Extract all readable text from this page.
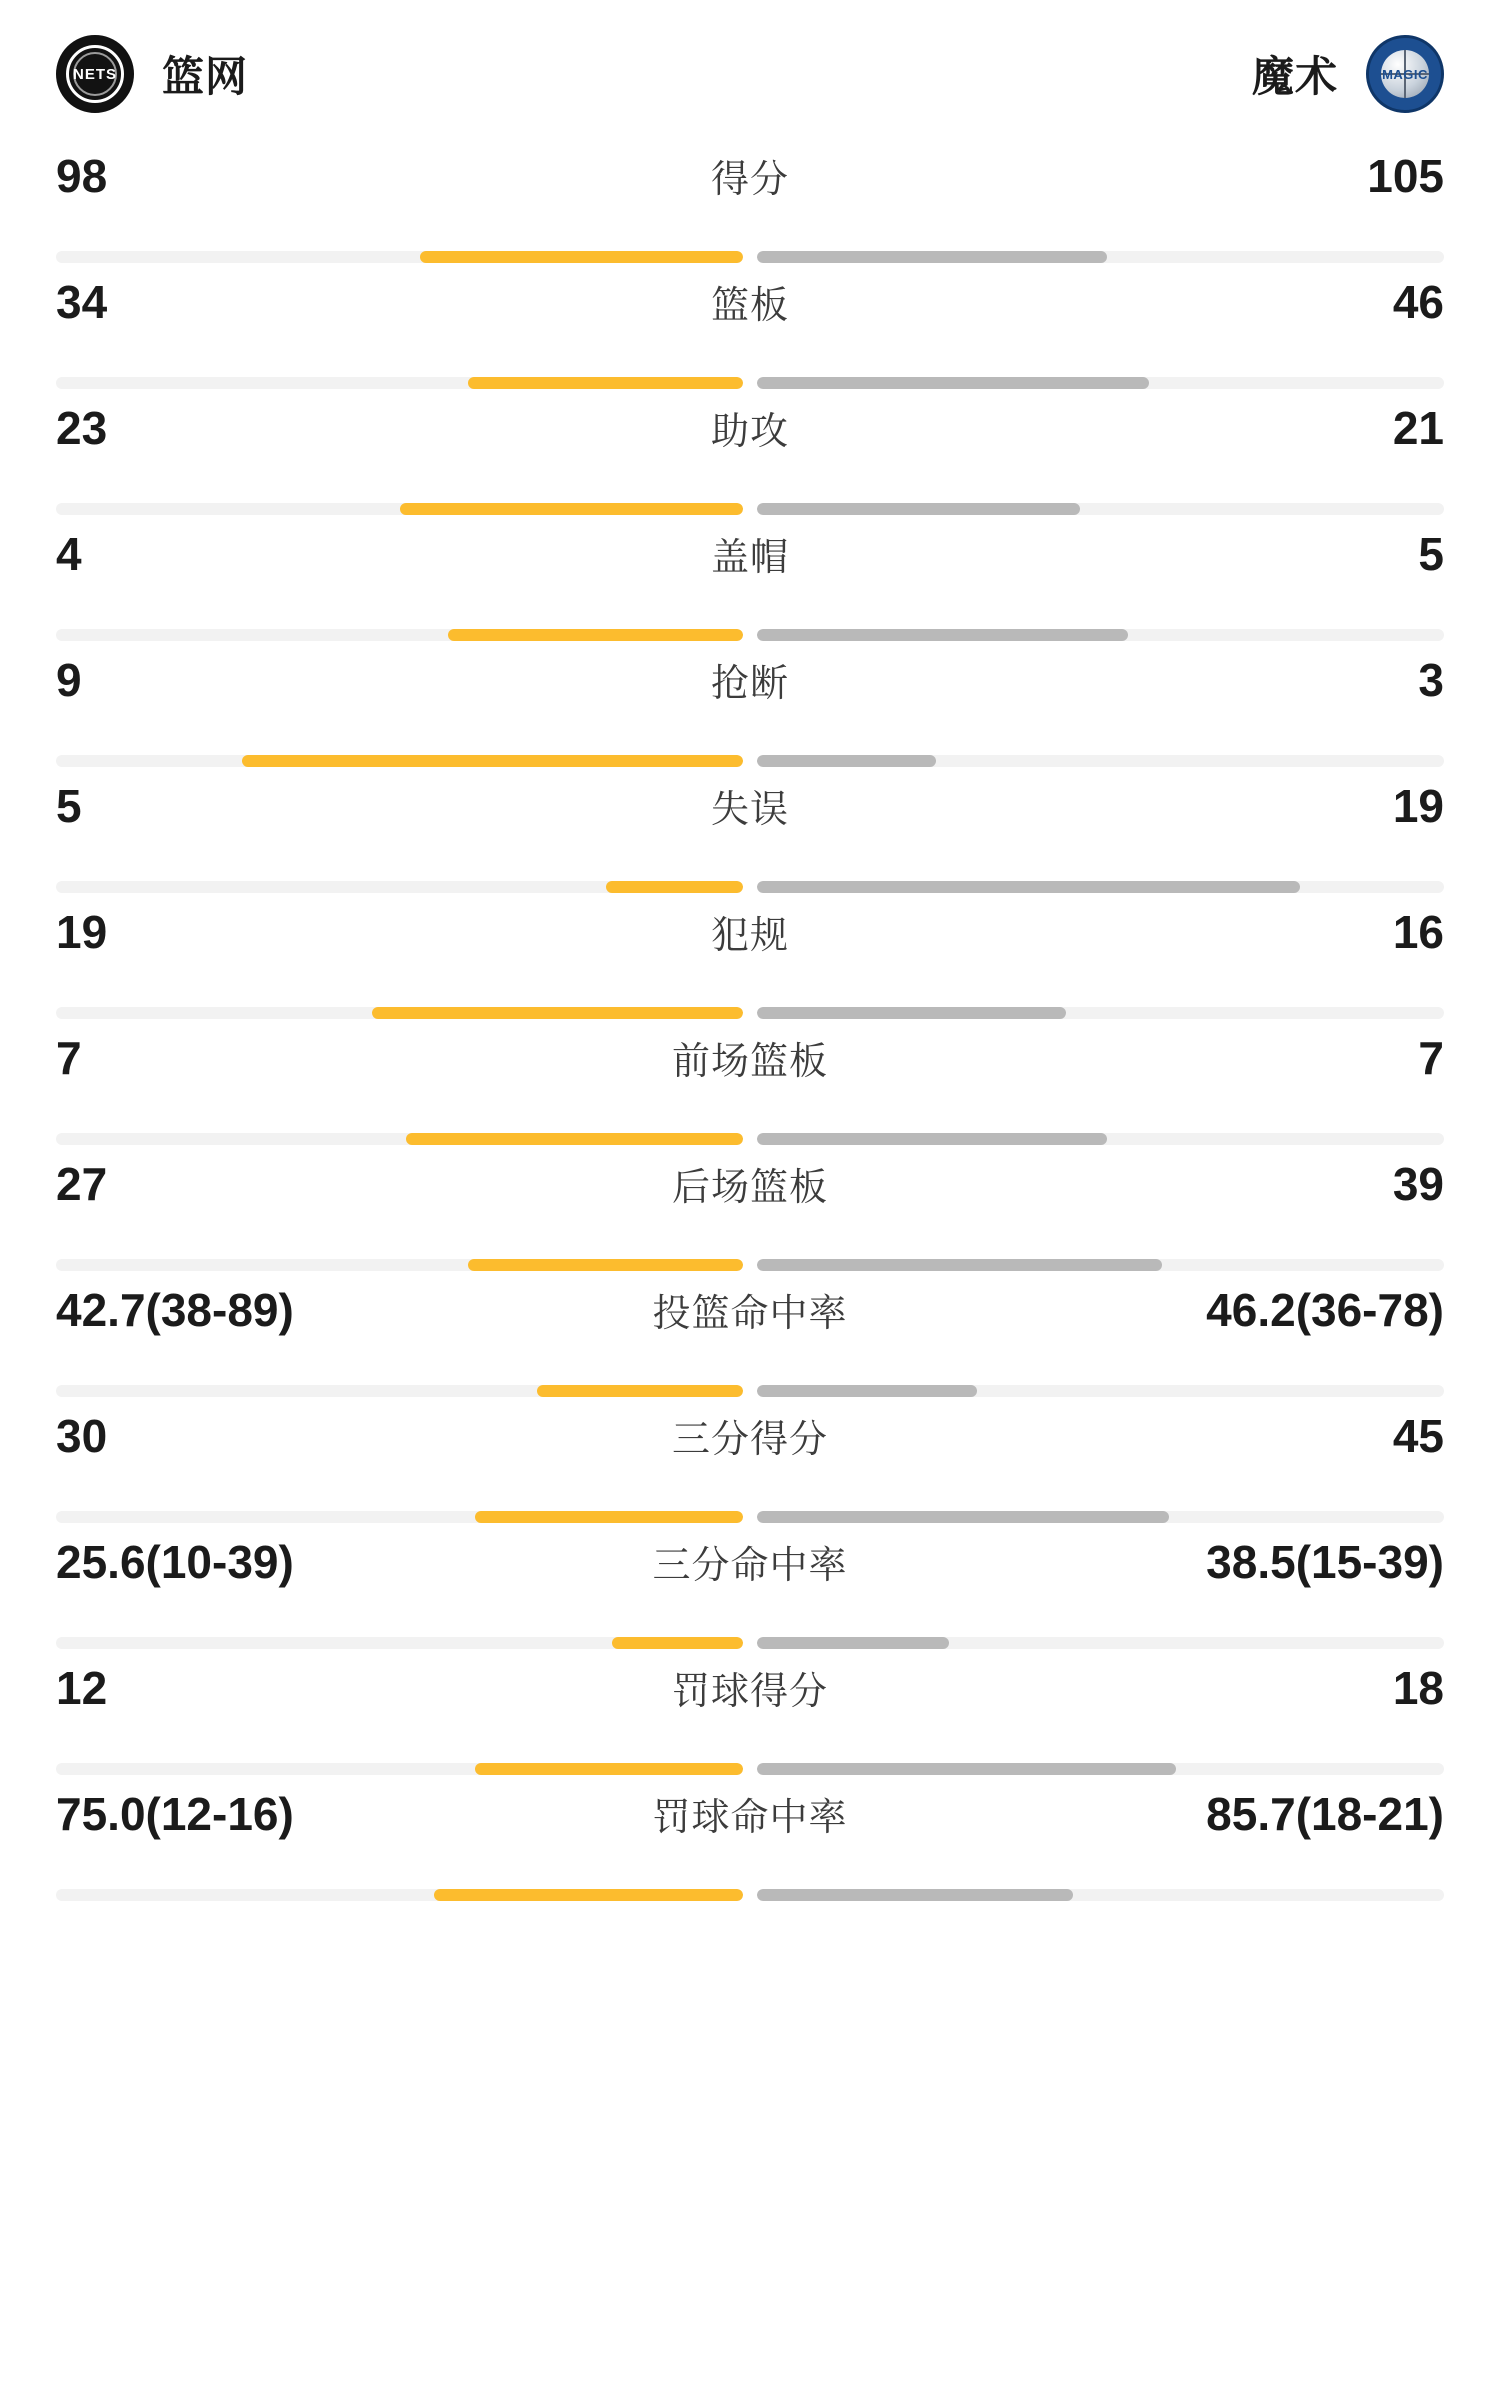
NETS 篮网	MAGIC
魔术
98	得分	105
34	篮板	46
23	助攻	21
4	盖帽	5
9	抢断	3
5	失误	19
19	犯规	16
7	前场篮板	7
27	后场篮板	39
42.7(38-89)	投篮命中率	46.2(36-78)
30	三分得分	45
25.6(10-39)	三分命中率	38.5(15-39)
12	罚球得分	18
75.0(12-16)	罚球命中率	85.7(18-21)
